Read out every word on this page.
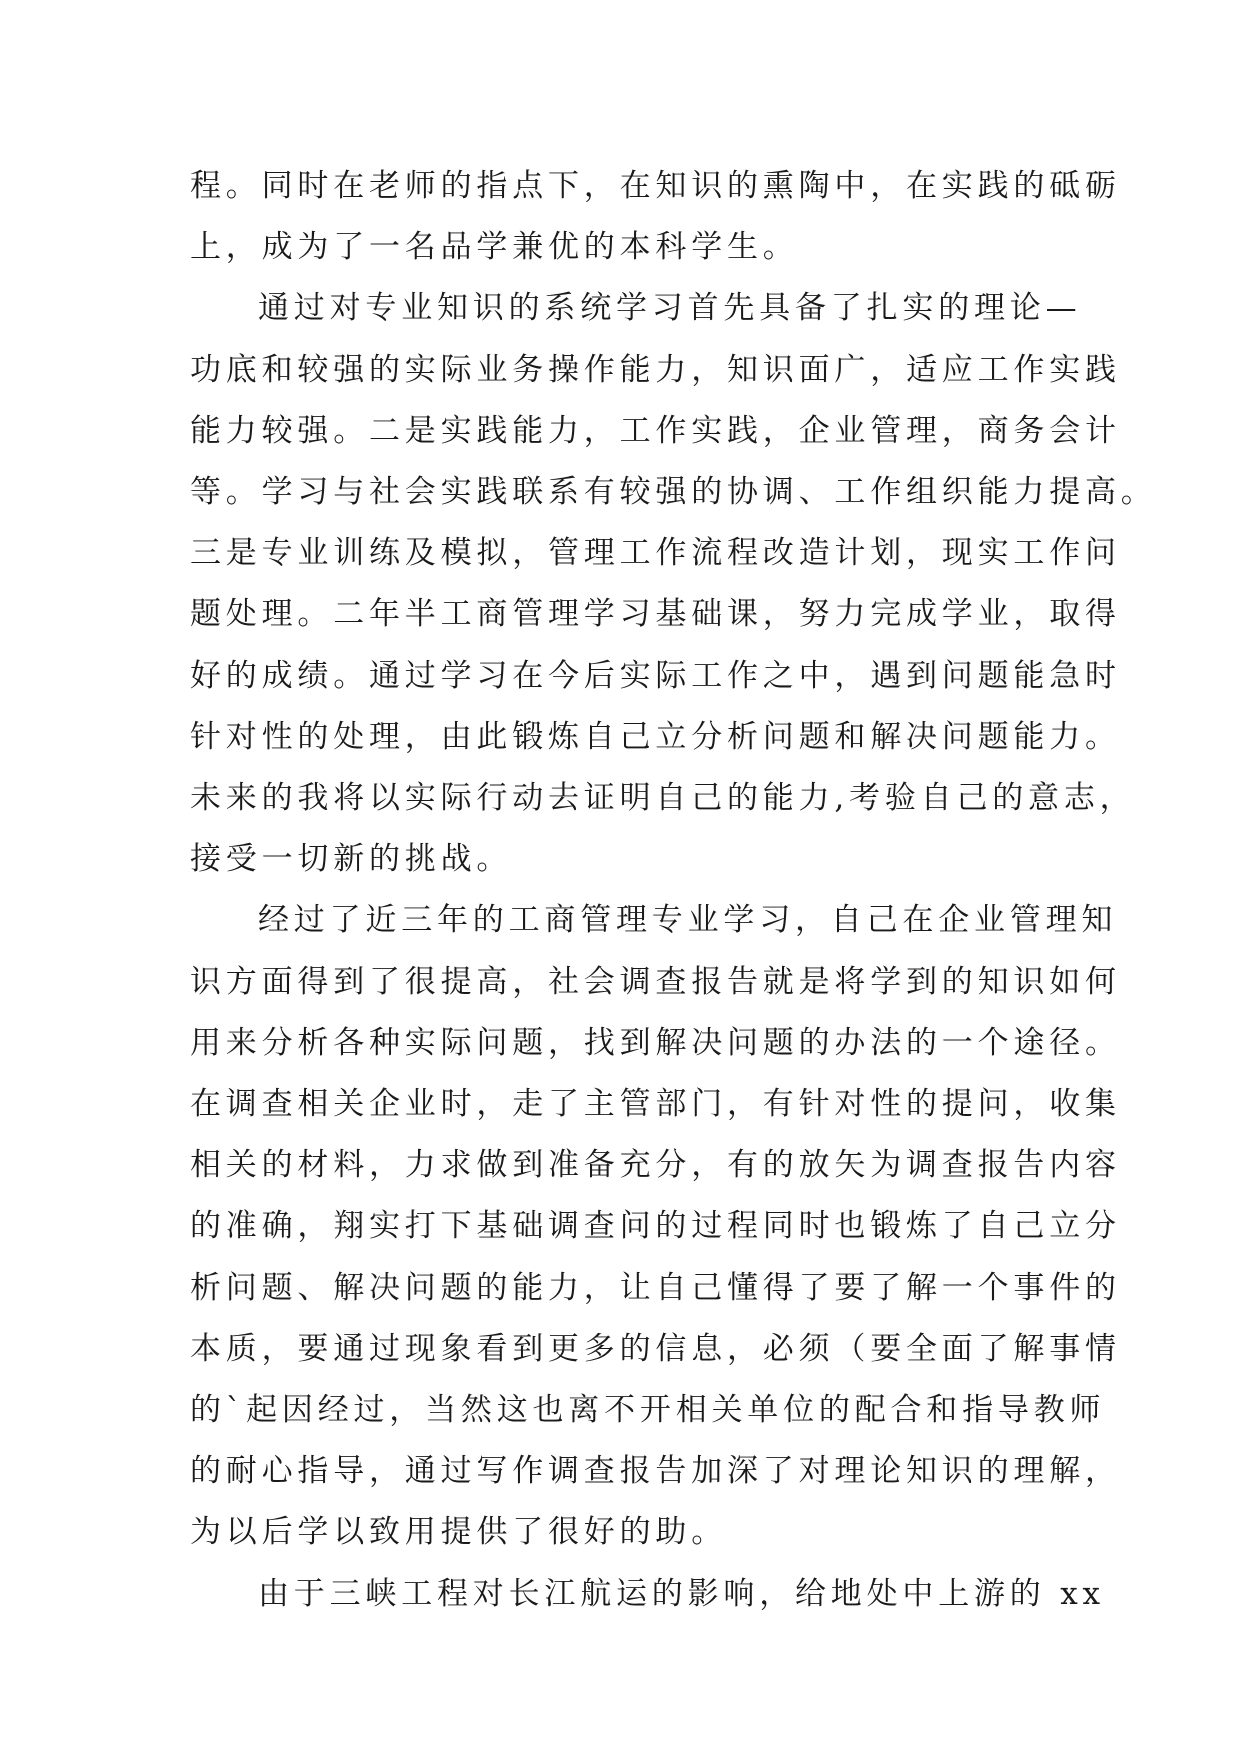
程。同时在老师的指点下，在知识的熏陶中，在实践的砥砺
上，成为了一名品学兼优的本科学生。
通过对专业知识的系统学习首先具备了扎实的理论—
功底和较强的实际业务操作能力，知识面广，适应工作实践
能力较强。二是实践能力，工作实践，企业管理，商务会计
等。学习与社会实践联系有较强的协调、工作组织能力提高。
三是专业训练及模拟，管理工作流程改造计划，现实工作问
题处理。二年半工商管理学习基础课，努力完成学业，取得
好的成绩。通过学习在今后实际工作之中，遇到问题能急时
针对性的处理，由此锻炼自己立分析问题和解决问题能力。
未来的我将以实际行动去证明自己的能力,考验自己的意志，
接受一切新的挑战。
经过了近三年的工商管理专业学习，自己在企业管理知
识方面得到了很提高，社会调查报告就是将学到的知识如何
用来分析各种实际问题，找到解决问题的办法的一个途径。
在调查相关企业时，走了主管部门，有针对性的提问，收集
相关的材料，力求做到准备充分，有的放矢为调查报告内容
的准确，翔实打下基础调查问的过程同时也锻炼了自己立分
析问题、解决问题的能力，让自己懂得了要了解一个事件的
本质，要通过现象看到更多的信息，必须（要全面了解事情
的`起因经过，当然这也离不开相关单位的配合和指导教师
的耐心指导，通过写作调查报告加深了对理论知识的理解，
为以后学以致用提供了很好的助。
由于三峡工程对长江航运的影响，给地处中上游的 xx
